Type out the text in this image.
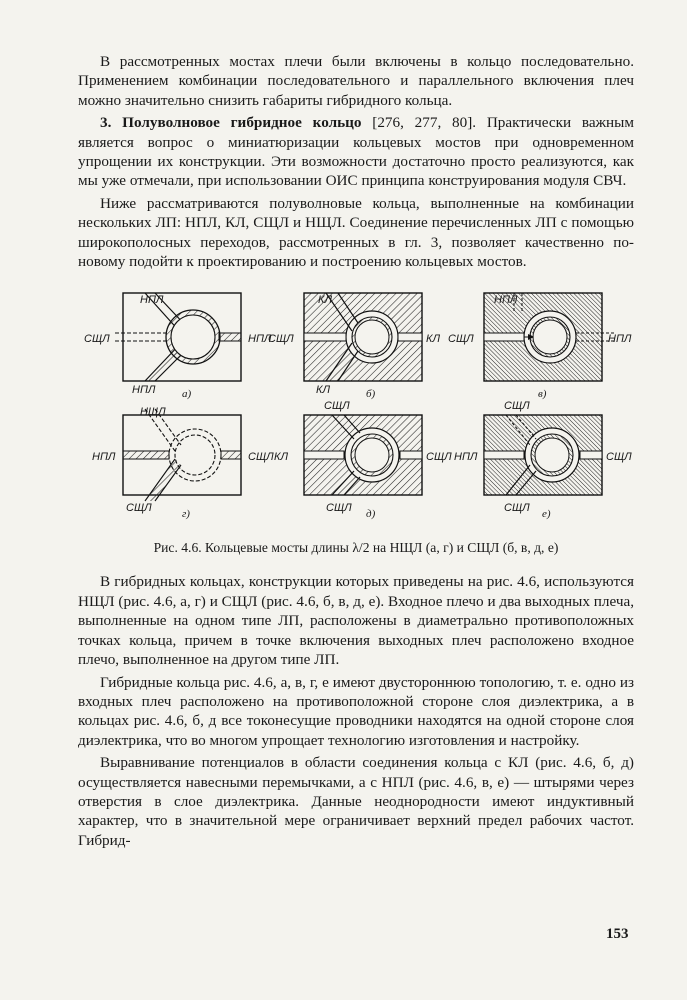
В рассмотренных мостах плечи были включены в кольцо последовательно. Применением комбинации последовательного и параллельного включения плеч можно значительно снизить габариты гибридного кольца.

3. Полуволновое гибридное кольцо [276, 277, 80]. Практически важным является вопрос о миниатюризации кольцевых мостов при одновременном упрощении их конструкции. Эти возможности достаточно просто реализуются, как мы уже отмечали, при использовании ОИС принципа конструирования модуля СВЧ.

Ниже рассматриваются полуволновые кольца, выполненные на комбинации нескольких ЛП: НПЛ, КЛ, СЩЛ и НЩЛ. Соединение перечисленных ЛП с помощью широкополосных переходов, рассмотренных в гл. 3, позволяет качественно по-новому подойти к проектированию и построению кольцевых мостов.

НПЛ
СЩЛ
НПЛ
НПЛ
а)
КЛ
СЩЛ
КЛ
КЛ
б)
НПЛ
СЩЛ	НПЛ
в)
НЩЛ
НПЛ	СЩЛ
СЩЛ	г)
СЩЛ
КЛ	СЩЛ
СЩЛ д)
СЩЛ
НПЛ	СЩЛ
СЩЛ е)

Рис. 4.6. Кольцевые мосты длины λ/2 на НЩЛ (а, г) и СЩЛ (б, в, д, е)

В гибридных кольцах, конструкции которых приведены на рис. 4.6, используются НЩЛ (рис. 4.6, а, г) и СЩЛ (рис. 4.6, б, в, д, е). Входное плечо и два выходных плеча, выполненные на одном типе ЛП, расположены в диаметрально противоположных точках кольца, причем в точке включения выходных плеч расположено входное плечо, выполненное на другом типе ЛП.

Гибридные кольца рис. 4.6, а, в, г, е имеют двустороннюю топологию, т. е. одно из входных плеч расположено на противоположной стороне слоя диэлектрика, а в кольцах рис. 4.6, б, д все токонесущие проводники находятся на одной стороне слоя диэлектрика, что во многом упрощает технологию изготовления и настройку.

Выравнивание потенциалов в области соединения кольца с КЛ (рис. 4.6, б, д) осуществляется навесными перемычками, а с НПЛ (рис. 4.6, в, е) — штырями через отверстия в слое диэлектрика. Данные неоднородности имеют индуктивный характер, что в значительной мере ограничивает верхний предел рабочих частот. Гибрид-

153
